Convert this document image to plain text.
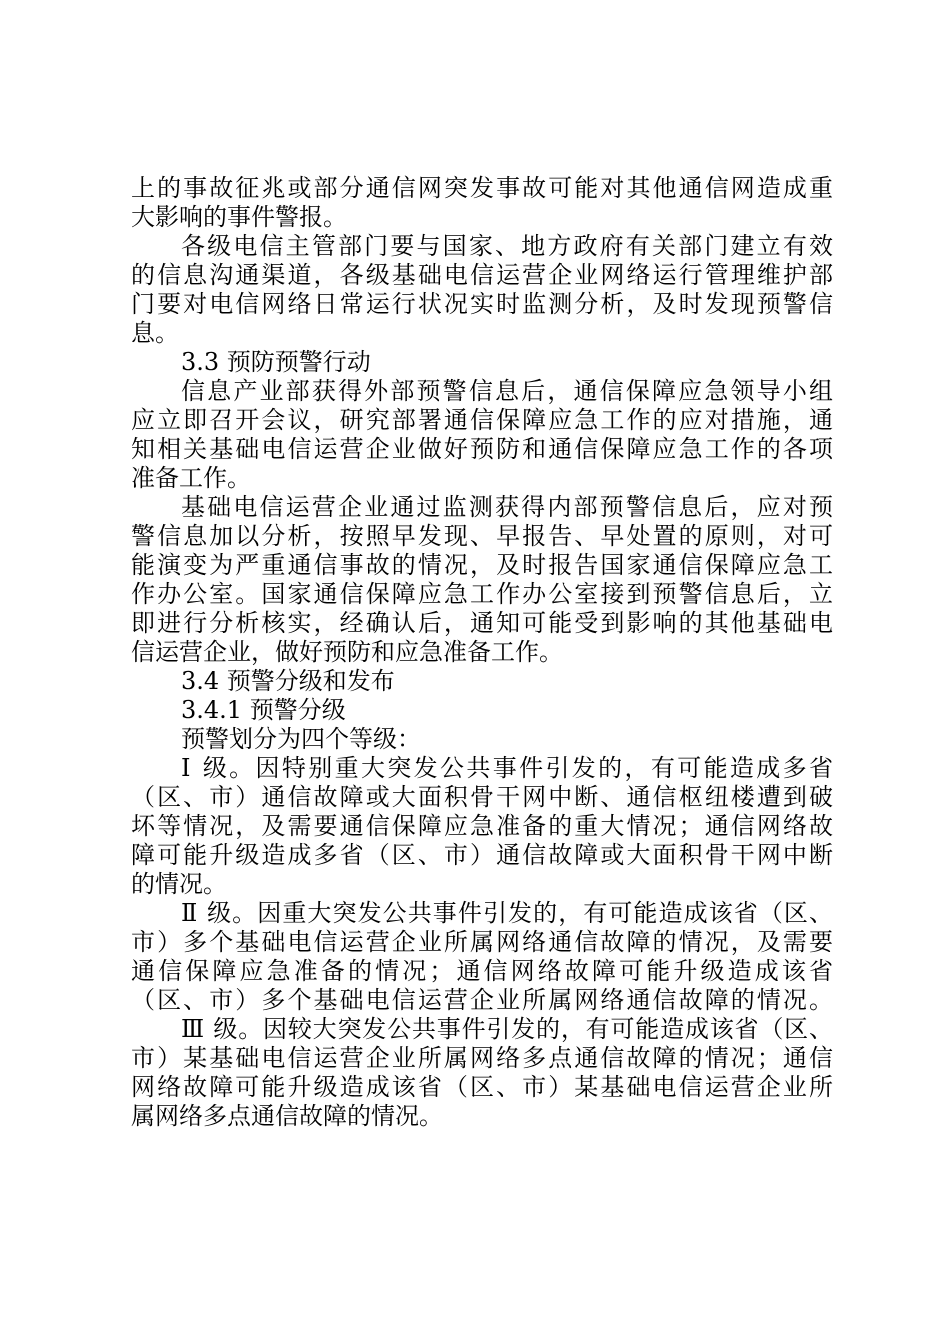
上的事故征兆或部分通信网突发事故可能对其他通信网造成重
大影响的事件警报。
各级电信主管部门要与国家、地方政府有关部门建立有效
的信息沟通渠道，各级基础电信运营企业网络运行管理维护部
门要对电信网络日常运行状况实时监测分析，及时发现预警信
息。
3.3 预防预警行动
信息产业部获得外部预警信息后，通信保障应急领导小组
应立即召开会议，研究部署通信保障应急工作的应对措施，通
知相关基础电信运营企业做好预防和通信保障应急工作的各项
准备工作。
基础电信运营企业通过监测获得内部预警信息后，应对预
警信息加以分析，按照早发现、早报告、早处置的原则，对可
能演变为严重通信事故的情况，及时报告国家通信保障应急工
作办公室。国家通信保障应急工作办公室接到预警信息后，立
即进行分析核实，经确认后，通知可能受到影响的其他基础电
信运营企业，做好预防和应急准备工作。
3.4 预警分级和发布
3.4.1 预警分级
预警划分为四个等级：
Ⅰ 级。因特别重大突发公共事件引发的，有可能造成多省
（区、市）通信故障或大面积骨干网中断、通信枢纽楼遭到破
坏等情况，及需要通信保障应急准备的重大情况；通信网络故
障可能升级造成多省（区、市）通信故障或大面积骨干网中断
的情况。
Ⅱ 级。因重大突发公共事件引发的，有可能造成该省（区、
市）多个基础电信运营企业所属网络通信故障的情况，及需要
通信保障应急准备的情况；通信网络故障可能升级造成该省
（区、市）多个基础电信运营企业所属网络通信故障的情况。
Ⅲ 级。因较大突发公共事件引发的，有可能造成该省（区、
市）某基础电信运营企业所属网络多点通信故障的情况；通信
网络故障可能升级造成该省（区、市）某基础电信运营企业所
属网络多点通信故障的情况。
